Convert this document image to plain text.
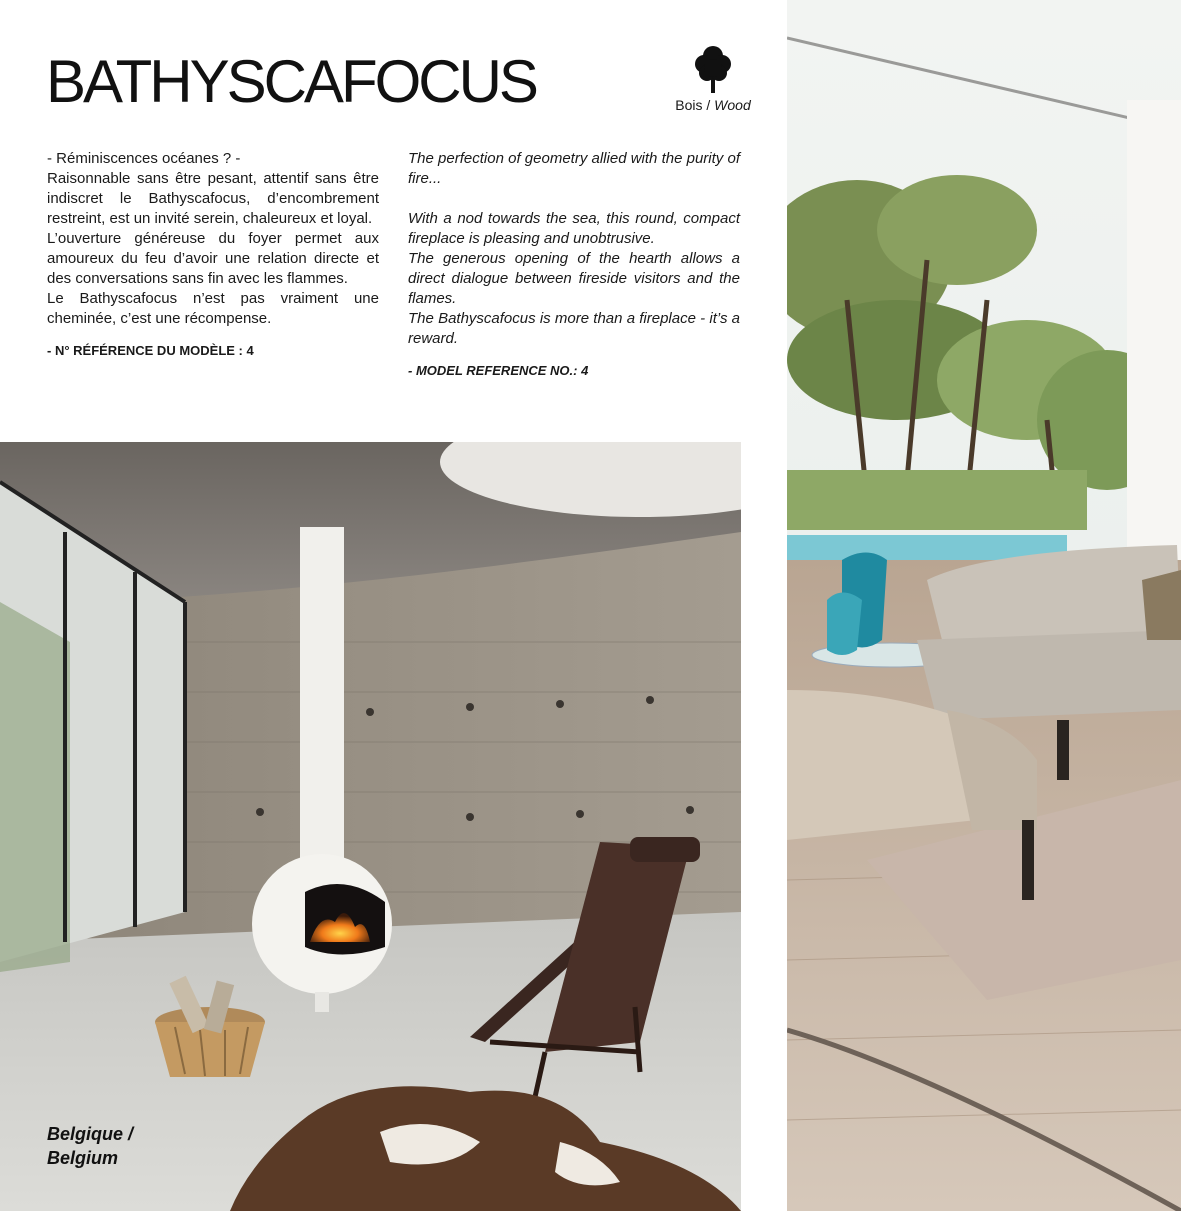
BATHYSCAFOCUS	Bois / Wood

- Réminiscences océanes ? -

Raisonnable sans être pesant, attentif sans être indiscret le Bathyscafocus, d’encombrement restreint, est un invité serein, chaleureux et loyal.

L’ouverture généreuse du foyer permet aux amoureux du feu d’avoir une relation directe et des conversations sans fin avec les flammes.

Le Bathyscafocus n’est pas vraiment une cheminée, c’est une récompense.

- N° RÉFÉRENCE DU MODÈLE : 4

The perfection of geometry allied with the purity of fire...

With a nod towards the sea, this round, compact fireplace is pleasing and unobtrusive.

The generous opening of the hearth allows a direct dialogue between fireside visitors and the flames.

The Bathyscafocus is more than a fireplace - it’s a reward.

- MODEL REFERENCE NO.: 4

Belgique /
Belgium
